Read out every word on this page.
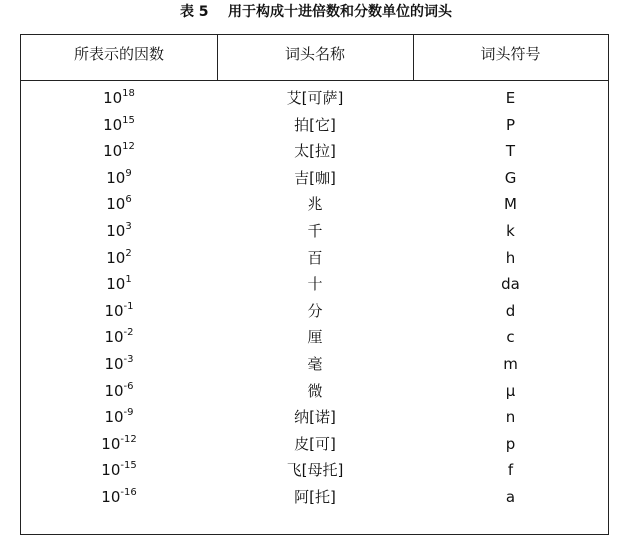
表 5    用于构成十进倍数和分数单位的词头
所表示的因数	词头名称	词头符号
$10^{18}$	艾[可萨]	E
$10^{15}$	拍[它]	P
$10^{12}$	太[拉]	T
$10^9$	吉[咖]	G
$10^6$	兆	M
$10^3$	千	k
$10^2$	百	h
$10^1$	十	da
$10^{-1}$	分	d
$10^{-2}$	厘	c
$10^{-3}$	毫	m
$10^{-6}$	微	μ
$10^{-9}$	纳[诺]	n
$10^{-12}$	皮[可]	p
$10^{-15}$	飞[母托]	f
$10^{-16}$	阿[托]	a
